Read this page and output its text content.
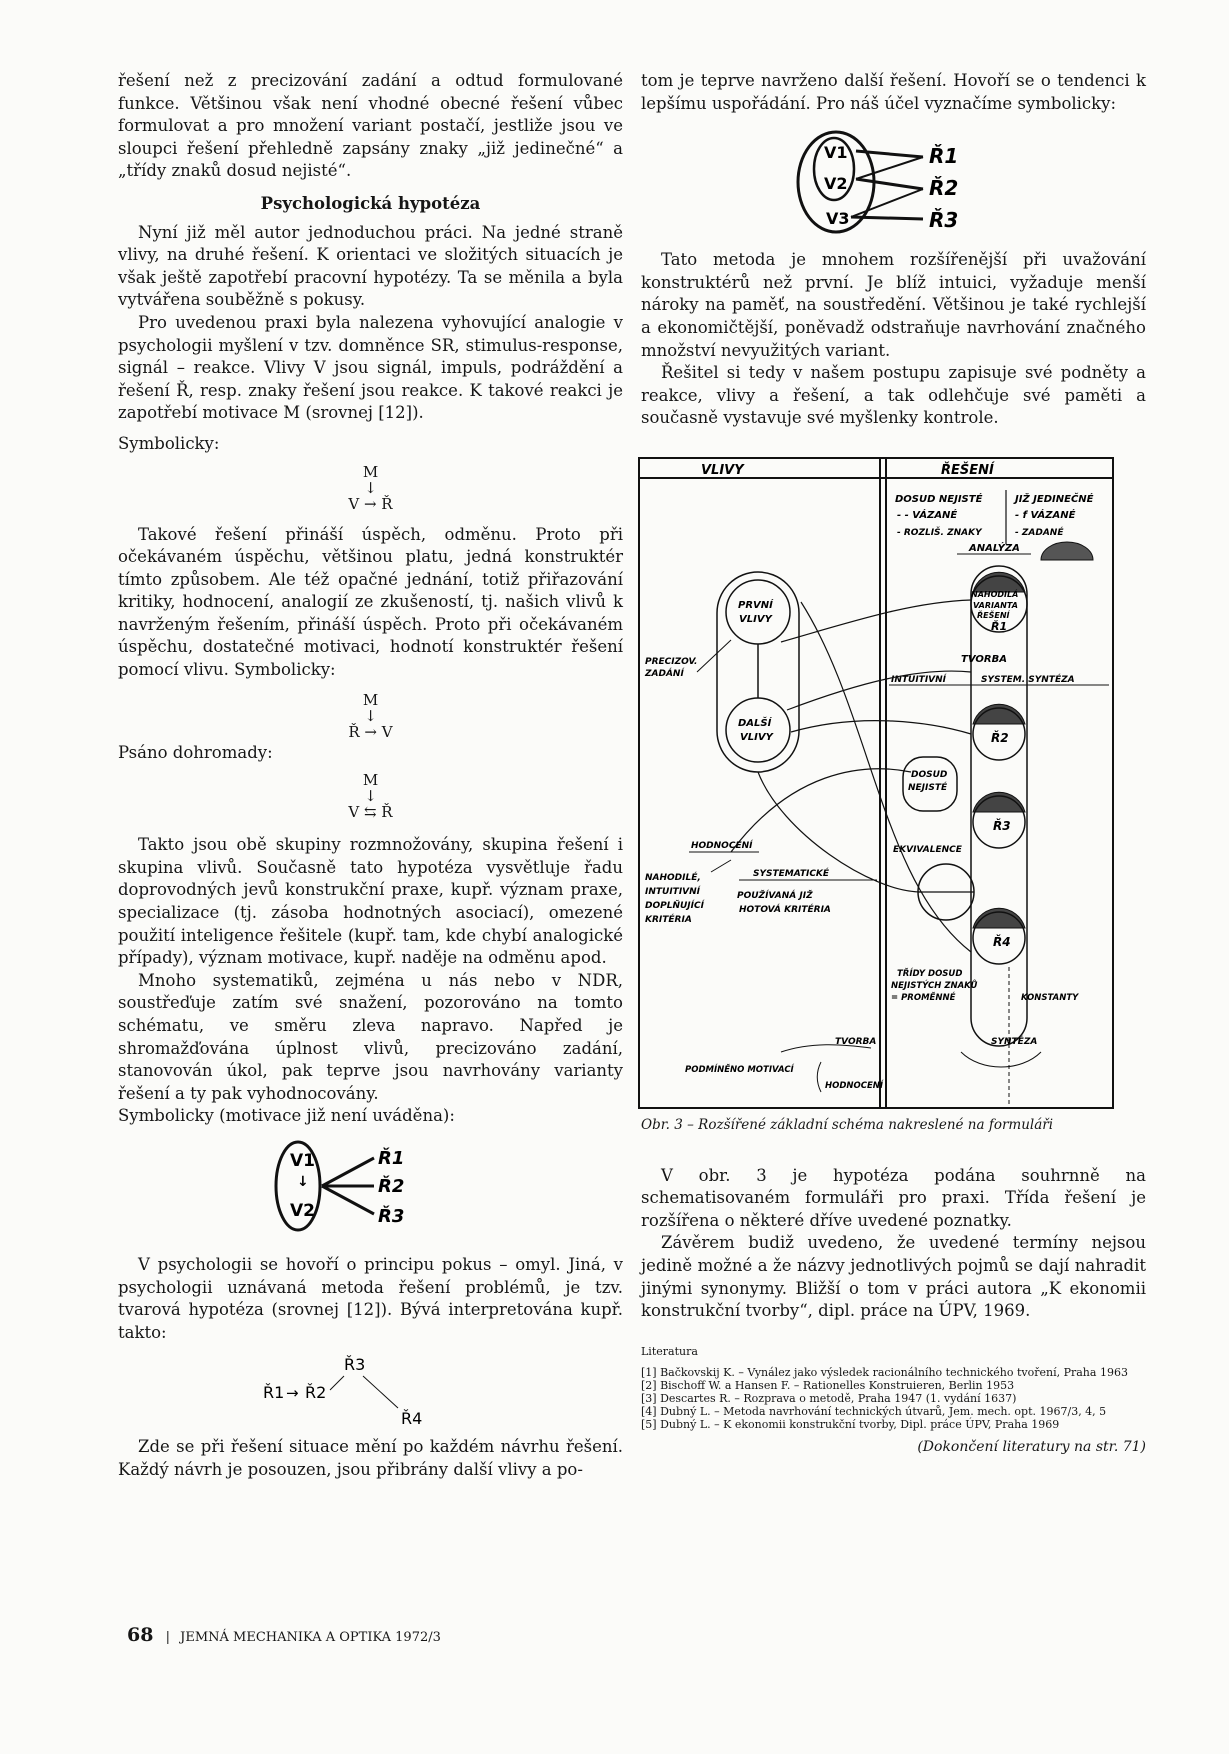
řešení než z precizování zadání a odtud formulované funkce. Většinou však není vhodné obecné řešení vůbec formulovat a pro množení variant postačí, jestliže jsou ve sloupci řešení přehledně zapsány znaky „již jedinečné“ a „třídy znaků dosud nejisté“.

Psychologická hypotéza

Nyní již měl autor jednoduchou práci. Na jedné straně vlivy, na druhé řešení. K orientaci ve složitých situacích je však ještě zapotřebí pracovní hypotézy. Ta se měnila a byla vytvářena souběžně s pokusy.

Pro uvedenou praxi byla nalezena vyhovující analogie v psychologii myšlení v tzv. domněnce SR, stimulus-response, signál – reakce. Vlivy V jsou signál, impuls, podráždění a řešení Ř, resp. znaky řešení jsou reakce. K takové reakci je zapotřebí motivace M (srovnej [12]).

Symbolicky:

M
↓
V → Ř

Takové řešení přináší úspěch, odměnu. Proto při očekávaném úspěchu, většinou platu, jedná konstruktér tímto způsobem. Ale též opačné jednání, totiž přiřazování kritiky, hodnocení, analogií ze zkušeností, tj. našich vlivů k navrženým řešením, přináší úspěch. Proto při očekávaném úspěchu, dostatečné motivaci, hodnotí konstruktér řešení pomocí vlivu. Symbolicky:

M
↓
Ř → V

Psáno dohromady:

M
↓
V ⇆ Ř

Takto jsou obě skupiny rozmnožovány, skupina řešení i skupina vlivů. Současně tato hypotéza vysvětluje řadu doprovodných jevů konstrukční praxe, kupř. význam praxe, specializace (tj. zásoba hodnotných asociací), omezené použití inteligence řešitele (kupř. tam, kde chybí analogické případy), význam motivace, kupř. naděje na odměnu apod.

Mnoho systematiků, zejména u nás nebo v NDR, soustřeďuje zatím své snažení, pozorováno na tomto schématu, ve směru zleva napravo. Napřed je shromažďována úplnost vlivů, precizováno zadání, stanovován úkol, pak teprve jsou navrhovány varianty řešení a ty pak vyhodnocovány.

Symbolicky (motivace již není uváděna):

V1
↓
V2
Ř1
Ř2
Ř3

V psychologii se hovoří o principu pokus – omyl. Jiná, v psychologii uznávaná metoda řešení problémů, je tzv. tvarová hypotéza (srovnej [12]). Bývá interpretována kupř. takto:

Ř1 → Ř2
Ř3
Ř4

Zde se při řešení situace mění po každém návrhu řešení. Každý návrh je posouzen, jsou přibrány další vlivy a po-

tom je teprve navrženo další řešení. Hovoří se o tendenci k lepšímu uspořádání. Pro náš účel vyznačíme symbolicky:

V1
V2
V3
Ř1
Ř2
Ř3

Tato metoda je mnohem rozšířenější při uvažování konstruktérů než první. Je blíž intuici, vyžaduje menší nároky na paměť, na soustředění. Většinou je také rychlejší a ekonomičtější, poněvadž odstraňuje navrhování značného množství nevyužitých variant.

Řešitel si tedy v našem postupu zapisuje své podněty a reakce, vlivy a řešení, a tak odlehčuje své paměti a současně vystavuje své myšlenky kontrole.

VLIVY	ŘEŠENÍ
DOSUD NEJISTÉ	JIŽ JEDINEČNÉ
- - VÁZANÉ	- f VÁZANÉ
- ROZLIŠ. ZNAKY	- ZADANÉ
ANALÝZA
NAHODILÁ
VARIANTA
ŘEŠENÍ
Ř1
TVORBA
INTUITIVNÍ	SYSTEM. SYNTÉZA
Ř2
DOSUD
NEJISTÉ
Ř3
EKVIVALENCE
Ř4
TŘÍDY DOSUD
NEJISTÝCH ZNAKŮ
= PROMĚNNÉ	KONSTANTY
PRVNÍ
VLIVY
DALŠÍ
VLIVY
PRECIZOV.
ZADÁNÍ
HODNOCENÍ
NAHODILÉ,
INTUITIVNÍ
DOPLŇUJÍCÍ
KRITÉRIA
SYSTEMATICKÉ
POUŽÍVANÁ JIŽ
HOTOVÁ KRITÉRIA
TVORBA	SYNTÉZA
PODMÍNĚNO MOTIVACÍ
HODNOCENÍ

Obr. 3 – Rozšířené základní schéma nakreslené na formuláři

V obr. 3 je hypotéza podána souhrnně na schematisovaném formuláři pro praxi. Třída řešení je rozšířena o některé dříve uvedené poznatky.

Závěrem budiž uvedeno, že uvedené termíny nejsou jedině možné a že názvy jednotlivých pojmů se dají nahradit jinými synonymy. Bližší o tom v práci autora „K ekonomii konstrukční tvorby“, dipl. práce na ÚPV, 1969.

Literatura

[1] Bačkovskij K. – Vynález jako výsledek racionálního technického tvoření, Praha 1963

[2] Bischoff W. a Hansen F. – Rationelles Konstruieren, Berlin 1953

[3] Descartes R. – Rozprava o metodě, Praha 1947 (1. vydání 1637)

[4] Dubný L. – Metoda navrhování technických útvarů, Jem. mech. opt. 1967/3, 4, 5

[5] Dubný L. – K ekonomii konstrukční tvorby, Dipl. práce ÚPV, Praha 1969

(Dokončení literatury na str. 71)
68 | JEMNÁ MECHANIKA A OPTIKA 1972/3
